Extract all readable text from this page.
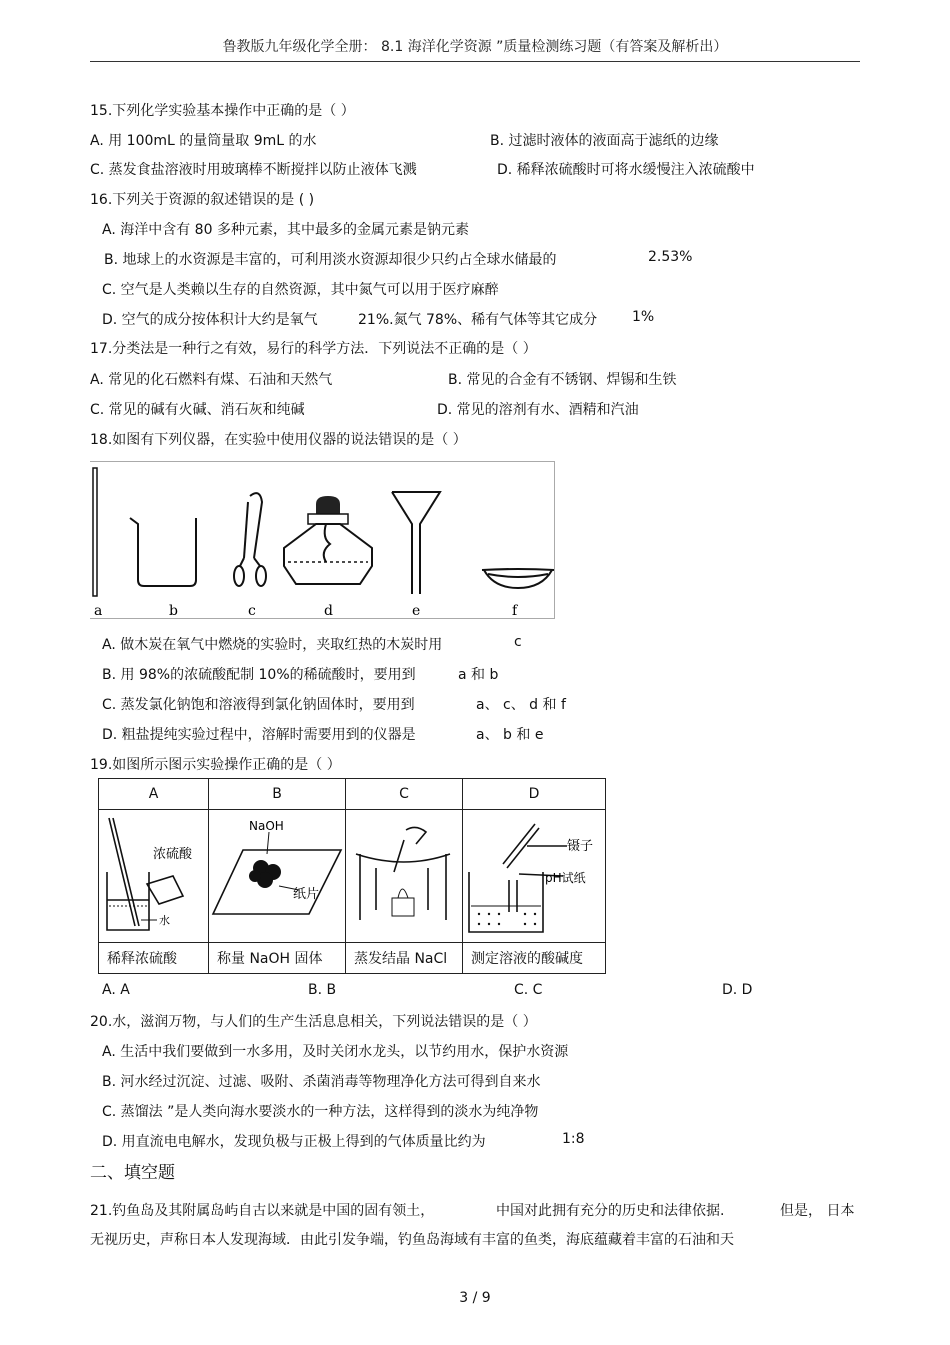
鲁教版九年级化学全册： 8.1 海洋化学资源 ”质量检测练习题（有答案及解析出）
15.下列化学实验基本操作中正确的是（ ）
A. 用 100mL 的量筒量取 9mL 的水	B. 过滤时液体的液面高于滤纸的边缘
C. 蒸发食盐溶液时用玻璃棒不断搅拌以防止液体飞溅	D. 稀释浓硫酸时可将水缓慢注入浓硫酸中
16.下列关于资源的叙述错误的是 ( )
A. 海洋中含有 80 多种元素，其中最多的金属元素是钠元素
B. 地球上的水资源是丰富的，可利用淡水资源却很少只约占全球水储最的	2.53%
C. 空气是人类赖以生存的自然资源，其中氮气可以用于医疗麻醉
D. 空气的成分按体积计大约是氧气	21%.氮气 78%、稀有气体等其它成分 1%
17.分类法是一种行之有效，易行的科学方法．下列说法不正确的是（ ）
A. 常见的化石燃料有煤、石油和天然气	B. 常见的合金有不锈钢、焊锡和生铁
C. 常见的碱有火碱、消石灰和纯碱	D. 常见的溶剂有水、酒精和汽油
18.如图有下列仪器，在实验中使用仪器的说法错误的是（ ）
a	b	c	d	e	f
A. 做木炭在氧气中燃烧的实验时，夹取红热的木炭时用	c
B. 用 98%的浓硫酸配制 10%的稀硫酸时，要用到	a 和 b
C. 蒸发氯化钠饱和溶液得到氯化钠固体时，要用到	a、 c、 d 和 f
D. 粗盐提纯实验过程中，溶解时需要用到的仪器是	a、 b 和 e
19.如图所示图示实验操作正确的是（ ）
A	B	C	D

浓硫酸
水	NaOH
纸片		镊子
pH试纸

稀释浓硫酸	称量 NaOH 固体	蒸发结晶 NaCl	测定溶液的酸碱度
A. A	B. B	C. C	D. D
20.水，滋润万物，与人们的生产生活息息相关，下列说法错误的是（ ）
A. 生活中我们要做到一水多用，及时关闭水龙头，以节约用水，保护水资源
B. 河水经过沉淀、过滤、吸附、杀菌消毒等物理净化方法可得到自来水
C. 蒸馏法 ”是人类向海水要淡水的一种方法，这样得到的淡水为纯净物
D. 用直流电电解水，发现负极与正极上得到的气体质量比约为	1:8
二、填空题
21.钓鱼岛及其附属岛屿自古以来就是中国的固有领土，	中国对此拥有充分的历史和法律依据.	但是， 日本
无视历史，声称日本人发现海域．由此引发争端，钓鱼岛海域有丰富的鱼类，海底蕴藏着丰富的石油和天
3 / 9
